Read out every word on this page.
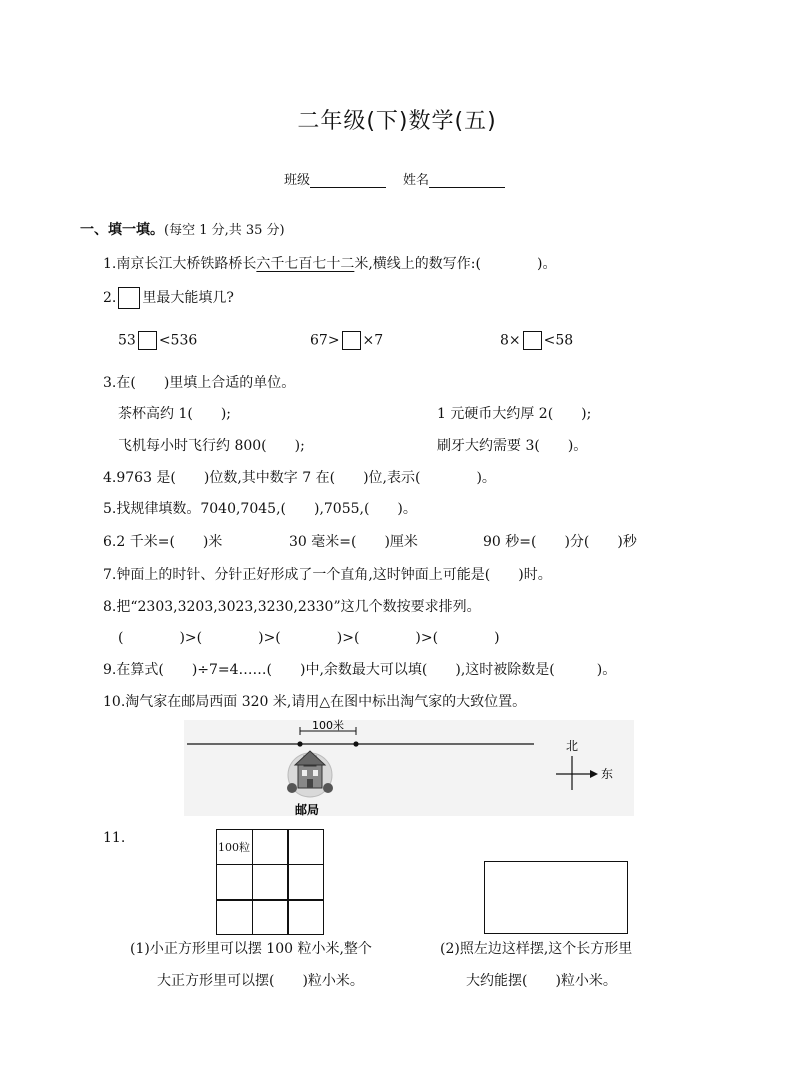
二年级(下)数学(五)
班级	姓名
一、填一填。(每空 1 分,共 35 分)
1.南京长江大桥铁路桥长六千七百七十二米,横线上的数写作:(　　　　)。
2. 里最大能填几?
53 <536	67> ×7	8× <58
3.在(　　)里填上合适的单位。
茶杯高约 1(　　);	1 元硬币大约厚 2(　　);
飞机每小时飞行约 800(　　);	刷牙大约需要 3(　　)。
4.9763 是(　　)位数,其中数字 7 在(　　)位,表示(　　　　)。
5.找规律填数。7040,7045,(　　),7055,(　　)。
6.2 千米=(　　)米	30 毫米=(　　)厘米	90 秒=(　　)分(　　)秒
7.钟面上的时针、分针正好形成了一个直角,这时钟面上可能是(　　)时。
8.把“2303,3203,3023,3230,2330”这几个数按要求排列。
(　　　　)>(　　　　)>(　　　　)>(　　　　)>(　　　　)
9.在算式(　　)÷7=4……(　　)中,余数最大可以填(　　),这时被除数是(　　　)。
10.淘气家在邮局西面 320 米,请用△在图中标出淘气家的大致位置。
100米
邮局
北
东
11.
100粒
(1)小正方形里可以摆 100 粒小米,整个
大正方形里可以摆(　　)粒小米。
(2)照左边这样摆,这个长方形里
大约能摆(　　)粒小米。
